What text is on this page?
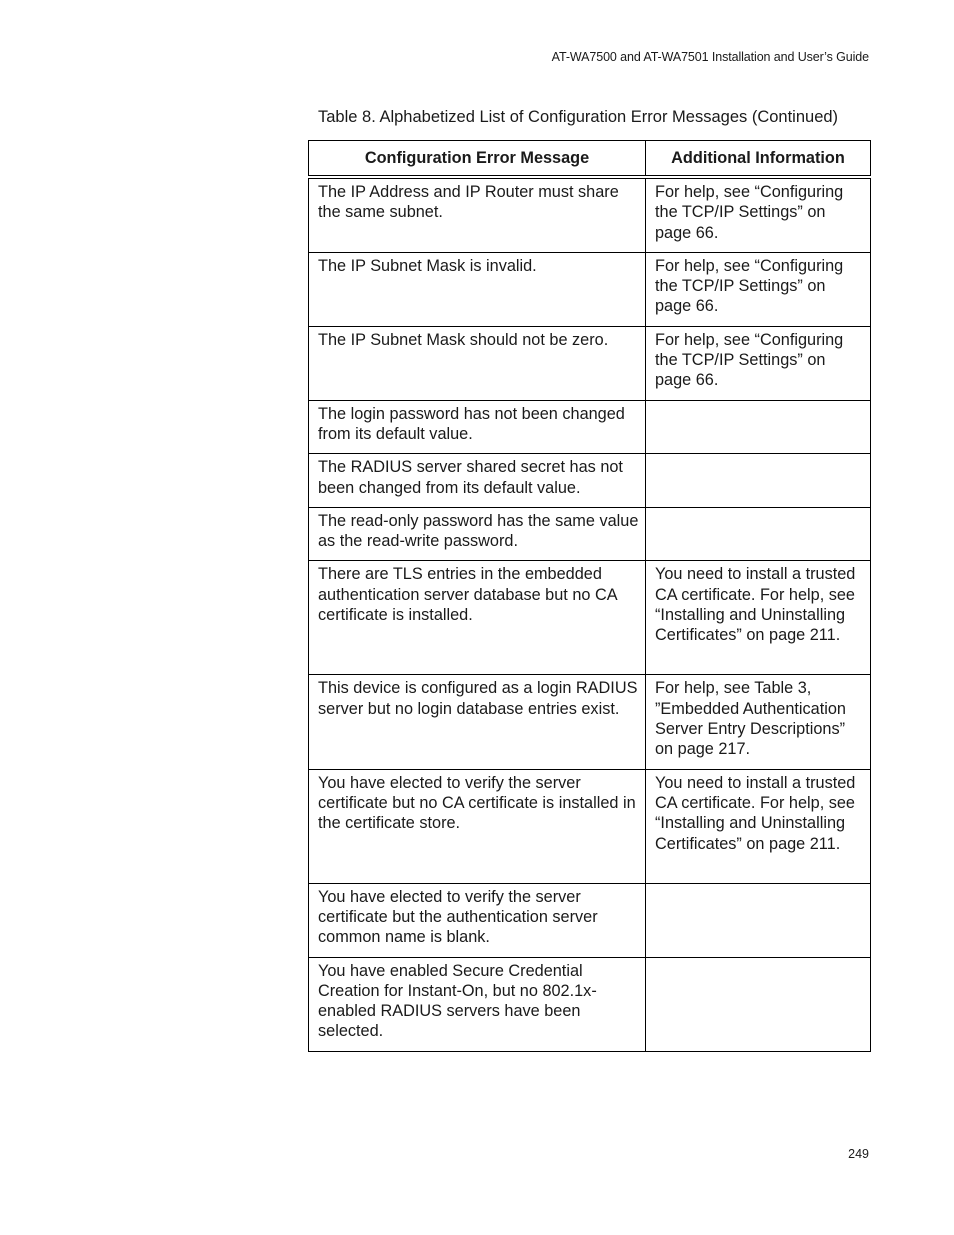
AT-WA7500 and AT-WA7501 Installation and User’s Guide
Table 8. Alphabetized List of Configuration Error Messages (Continued)
Configuration Error Message	Additional Information
The IP Address and IP Router must share the same subnet.	For help, see “Configuring the TCP/IP Settings” on page 66.
The IP Subnet Mask is invalid.	For help, see “Configuring the TCP/IP Settings” on page 66.
The IP Subnet Mask should not be zero.	For help, see “Configuring the TCP/IP Settings” on page 66.
The login password has not been changed from its default value.	
The RADIUS server shared secret has not been changed from its default value.	
The read-only password has the same value as the read-write password.	
There are TLS entries in the embedded authentication server database but no CA certificate is installed.	You need to install a trusted CA certificate. For help, see “Installing and Uninstalling Certificates” on page 211.
This device is configured as a login RADIUS server but no login database entries exist.	For help, see Table 3, ”Embedded Authentication Server Entry Descriptions” on page 217.
You have elected to verify the server certificate but no CA certificate is installed in the certificate store.	You need to install a trusted CA certificate. For help, see “Installing and Uninstalling Certificates” on page 211.
You have elected to verify the server certificate but the authentication server common name is blank.	
You have enabled Secure Credential Creation for Instant-On, but no 802.1x-enabled RADIUS servers have been selected.	
249
